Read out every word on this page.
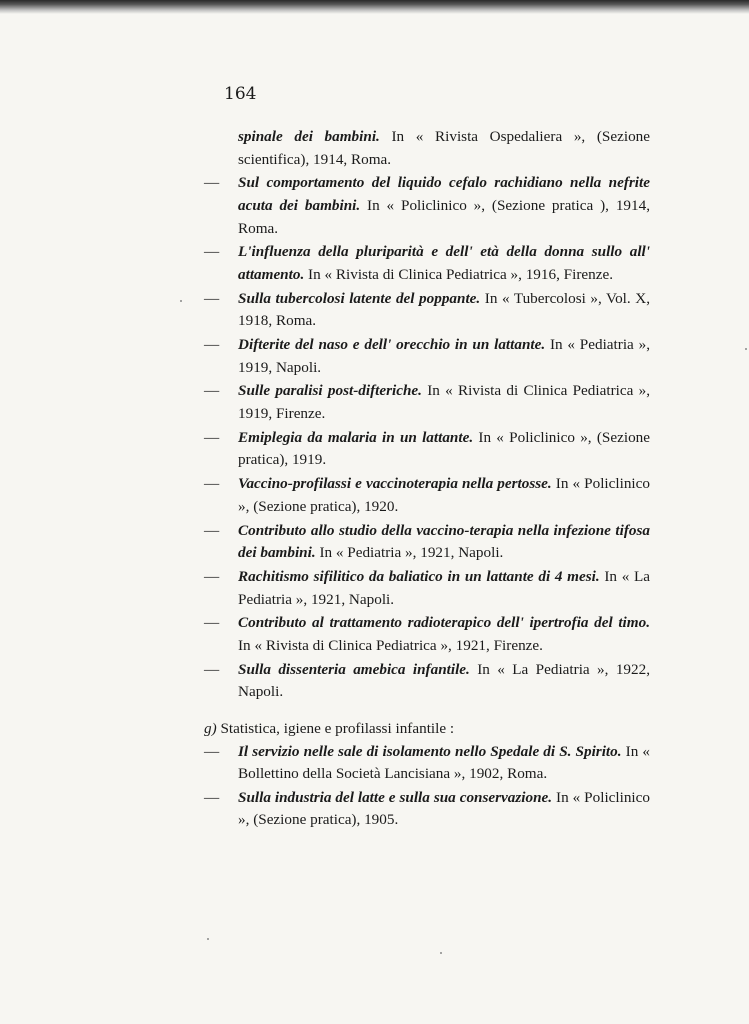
164
spinale dei bambini. In « Rivista Ospedaliera », (Sezione scientifica), 1914, Roma.
— Sul comportamento del liquido cefalo rachidiano nella nefrite acuta dei bambini. In « Policlinico », (Sezione pratica ), 1914, Roma.
— L'influenza della pluriparità e dell' età della donna sullo all' attamento. In « Rivista di Clinica Pediatrica », 1916, Firenze.
— Sulla tubercolosi latente del poppante. In « Tubercolosi », Vol. X, 1918, Roma.
— Difterite del naso e dell' orecchio in un lattante. In « Pediatria », 1919, Napoli.
— Sulle paralisi post-difteriche. In « Rivista di Clinica Pediatrica », 1919, Firenze.
— Emiplegia da malaria in un lattante. In « Policlinico », (Sezione pratica), 1919.
— Vaccino-profilassi e vaccinoterapia nella pertosse. In « Policlinico », (Sezione pratica), 1920.
— Contributo allo studio della vaccino-terapia nella infezione tifosa dei bambini. In « Pediatria », 1921, Napoli.
— Rachitismo sifilitico da baliatico in un lattante di 4 mesi. In « La Pediatria », 1921, Napoli.
— Contributo al trattamento radioterapico dell' ipertrofia del timo. In « Rivista di Clinica Pediatrica », 1921, Firenze.
— Sulla dissenteria amebica infantile. In « La Pediatria », 1922, Napoli.
g) Statistica, igiene e profilassi infantile :
— Il servizio nelle sale di isolamento nello Spedale di S. Spirito. In « Bollettino della Società Lancisiana », 1902, Roma.
— Sulla industria del latte e sulla sua conservazione. In « Policlinico », (Sezione pratica), 1905.
